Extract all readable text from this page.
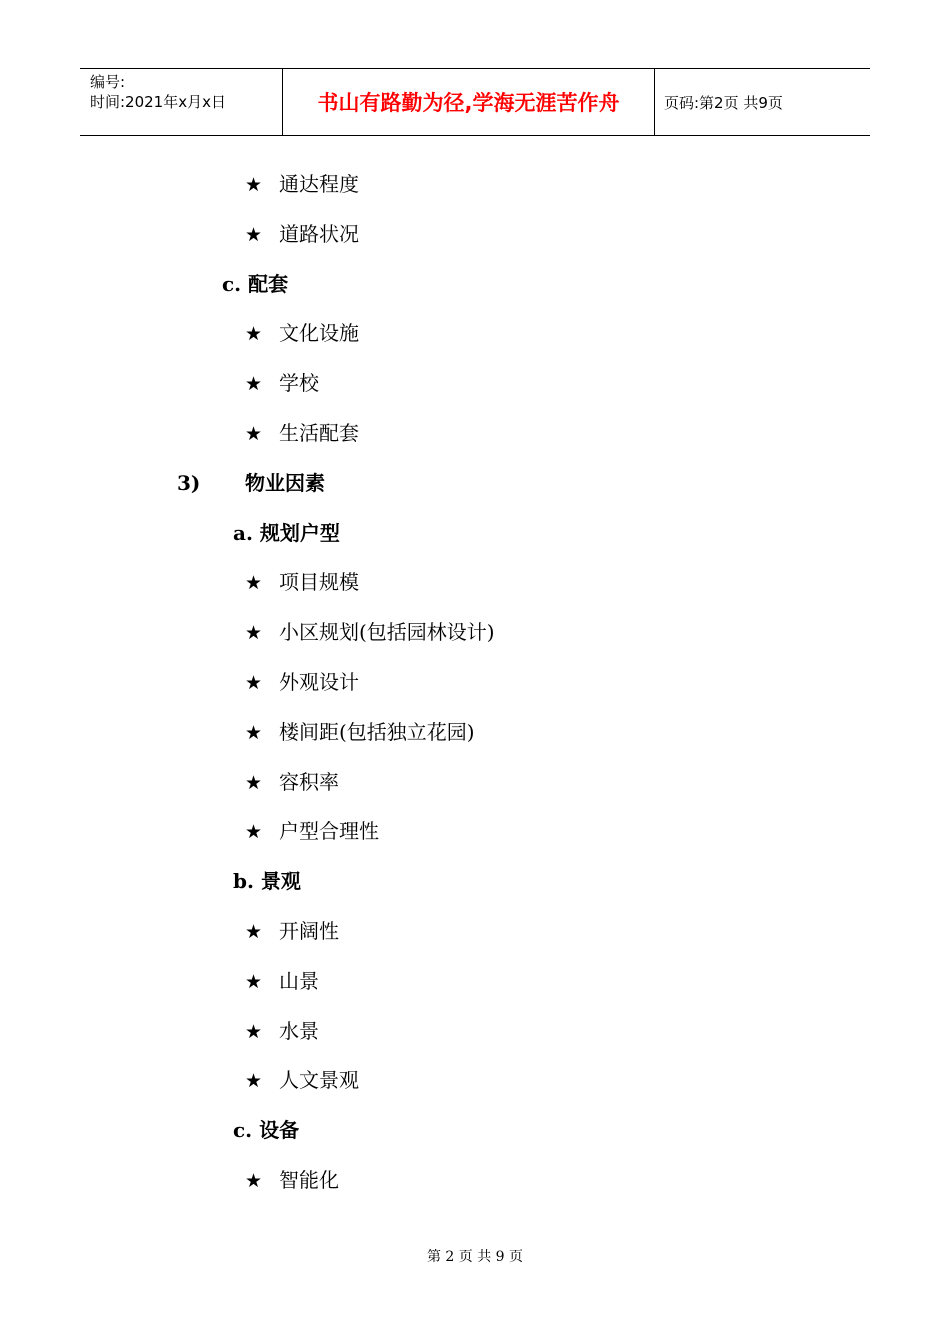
编号:
时间:2021年x月x日	书山有路勤为径,学海无涯苦作舟	页码:第2页 共9页
★ 通达程度
★ 道路状况
c. 配套
★ 文化设施
★ 学校
★ 生活配套
3) 物业因素
a. 规划户型
★ 项目规模
★ 小区规划(包括园林设计)
★ 外观设计
★ 楼间距(包括独立花园)
★ 容积率
★ 户型合理性
b. 景观
★ 开阔性
★ 山景
★ 水景
★ 人文景观
c. 设备
★ 智能化
第 2 页 共 9 页
